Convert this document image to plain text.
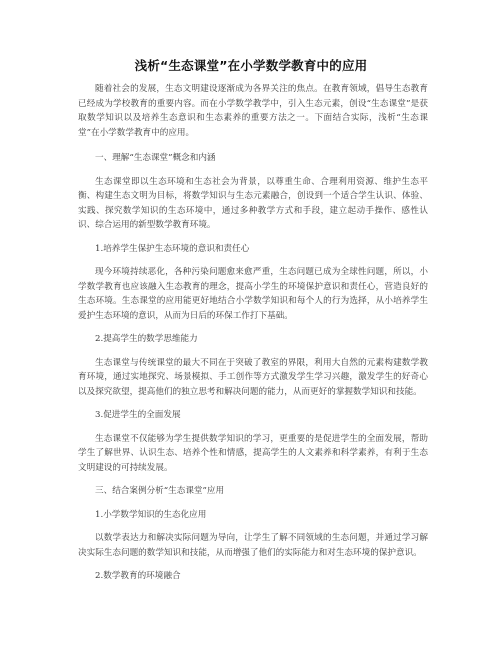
浅析“生态课堂”在小学数学教育中的应用

随着社会的发展，生态文明建设逐渐成为各界关注的焦点。在教育领域，倡导生态教育已经成为学校教育的重要内容。而在小学数学教学中，引入生态元素，创设“生态课堂”是获取数学知识以及培养生态意识和生态素养的重要方法之一。下面结合实际，浅析“生态课堂”在小学数学教育中的应用。

一、理解“生态课堂”概念和内涵

生态课堂即以生态环境和生态社会为背景，以尊重生命、合理利用资源、维护生态平衡、构建生态文明为目标，将数学知识与生态元素融合，创设到一个适合学生认识、体验、实践、探究数学知识的生态环境中，通过多种教学方式和手段，建立起动手操作、感性认识、综合运用的新型数学教育环境。

1.培养学生保护生态环境的意识和责任心

现今环境持续恶化，各种污染问题愈来愈严重，生态问题已成为全球性问题，所以，小学数学教育也应该融入生态教育的理念，提高小学生的环境保护意识和责任心，营造良好的生态环境。生态课堂的应用能更好地结合小学数学知识和每个人的行为选择，从小培养学生爱护生态环境的意识，从而为日后的环保工作打下基础。

2.提高学生的数学思维能力

生态课堂与传统课堂的最大不同在于突破了教室的界限，利用大自然的元素构建数学教育环境，通过实地探究、场景模拟、手工创作等方式激发学生学习兴趣，激发学生的好奇心以及探究欲望，提高他们的独立思考和解决问题的能力，从而更好的掌握数学知识和技能。

3.促进学生的全面发展

生态课堂不仅能够为学生提供数学知识的学习，更重要的是促进学生的全面发展，帮助学生了解世界、认识生态、培养个性和情感，提高学生的人文素养和科学素养，有利于生态文明建设的可持续发展。

三、结合案例分析“生态课堂”应用

1.小学数学知识的生态化应用

以数学表达力和解决实际问题为导向，让学生了解不同领域的生态问题，并通过学习解决实际生态问题的数学知识和技能，从而增强了他们的实际能力和对生态环境的保护意识。

2.数学教育的环境融合
